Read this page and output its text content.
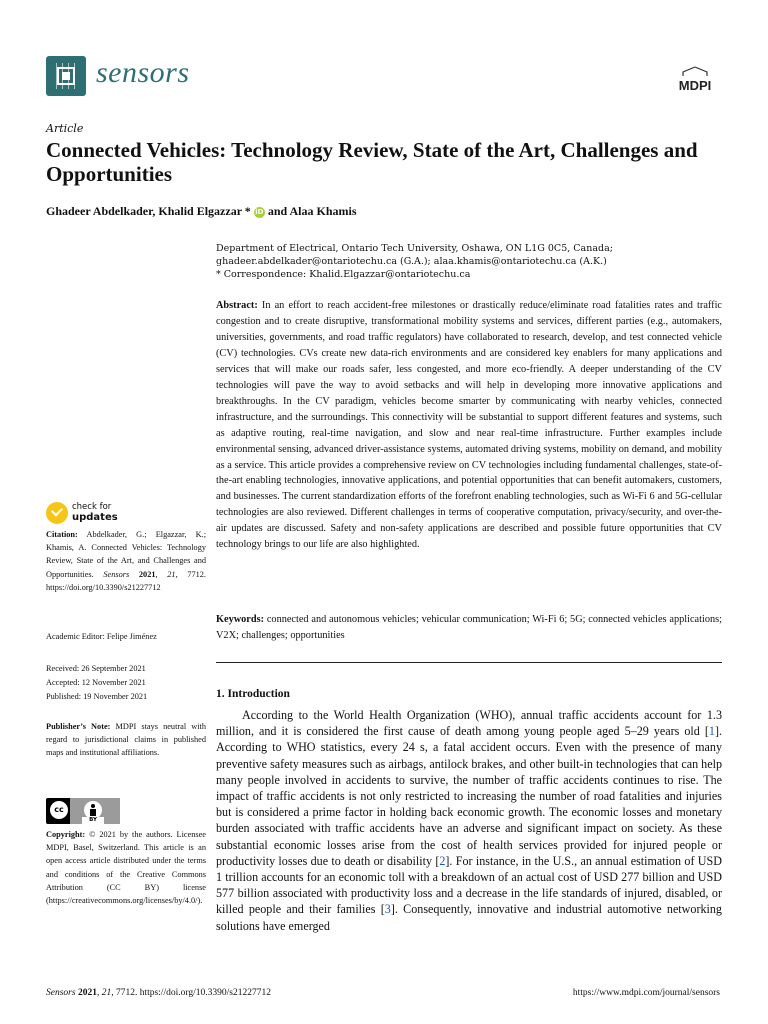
sensors	MDPI
Article
Connected Vehicles: Technology Review, State of the Art, Challenges and Opportunities
Ghadeer Abdelkader, Khalid Elgazzar * iD and Alaa Khamis
Department of Electrical, Ontario Tech University, Oshawa, ON L1G 0C5, Canada;
ghadeer.abdelkader@ontariotechu.ca (G.A.); alaa.khamis@ontariotechu.ca (A.K.)
* Correspondence: Khalid.Elgazzar@ontariotechu.ca
Abstract: In an effort to reach accident-free milestones or drastically reduce/eliminate road fatalities rates and traffic congestion and to create disruptive, transformational mobility systems and services, different parties (e.g., automakers, universities, governments, and road traffic regulators) have collaborated to research, develop, and test connected vehicle (CV) technologies. CVs create new data-rich environments and are considered key enablers for many applications and services that will make our roads safer, less congested, and more eco-friendly. A deeper understanding of the CV technologies will pave the way to avoid setbacks and will help in developing more innovative applications and breakthroughs. In the CV paradigm, vehicles become smarter by communicating with nearby vehicles, connected infrastructure, and the surroundings. This connectivity will be substantial to support different features and systems, such as adaptive routing, real-time navigation, and slow and near real-time infrastructure. Further examples include environmental sensing, advanced driver-assistance systems, automated driving systems, mobility on demand, and mobility as a service. This article provides a comprehensive review on CV technologies including fundamental challenges, state-of-the-art enabling technologies, innovative applications, and potential opportunities that can benefit automakers, customers, and businesses. The current standardization efforts of the forefront enabling technologies, such as Wi-Fi 6 and 5G-cellular technologies are also reviewed. Different challenges in terms of cooperative computation, privacy/security, and over-the-air updates are discussed. Safety and non-safety applications are described and possible future opportunities that CV technology brings to our life are also highlighted.
Keywords: connected and autonomous vehicles; vehicular communication; Wi-Fi 6; 5G; connected vehicles applications; V2X; challenges; opportunities
1. Introduction

According to the World Health Organization (WHO), annual traffic accidents account for 1.3 million, and it is considered the first cause of death among young people aged 5–29 years old [1]. According to WHO statistics, every 24 s, a fatal accident occurs. Even with the presence of many preventive safety measures such as airbags, antilock brakes, and other built-in technologies that can help many people involved in accidents to survive, the number of traffic accidents continues to rise. The impact of traffic accidents is not only restricted to increasing the number of road fatalities and injuries but is considered a prime factor in holding back economic growth. The economic losses and monetary burden associated with traffic accidents have an adverse and significant impact on society. As these substantial economic losses arise from the cost of health services provided for injured people or productivity losses due to death or disability [2]. For instance, in the U.S., an annual estimation of USD 1 trillion accounts for an economic toll with a breakdown of an actual cost of USD 277 billion and USD 577 billion associated with productivity loss and a decrease in the life standards of injured, disabled, or killed people and their families [3]. Consequently, innovative and industrial automotive networking solutions have emerged

check for
updates
Citation: Abdelkader, G.; Elgazzar, K.; Khamis, A. Connected Vehicles: Technology Review, State of the Art, and Challenges and Opportunities. Sensors 2021, 21, 7712. https://doi.org/10.3390/s21227712
Academic Editor: Felipe Jiménez
Received: 26 September 2021
Accepted: 12 November 2021
Published: 19 November 2021
Publisher’s Note: MDPI stays neutral with regard to jurisdictional claims in published maps and institutional affiliations.
cc
BY
Copyright: © 2021 by the authors. Licensee MDPI, Basel, Switzerland. This article is an open access article distributed under the terms and conditions of the Creative Commons Attribution (CC BY) license (https://creativecommons.org/licenses/by/4.0/).
Sensors 2021, 21, 7712. https://doi.org/10.3390/s21227712	https://www.mdpi.com/journal/sensors
